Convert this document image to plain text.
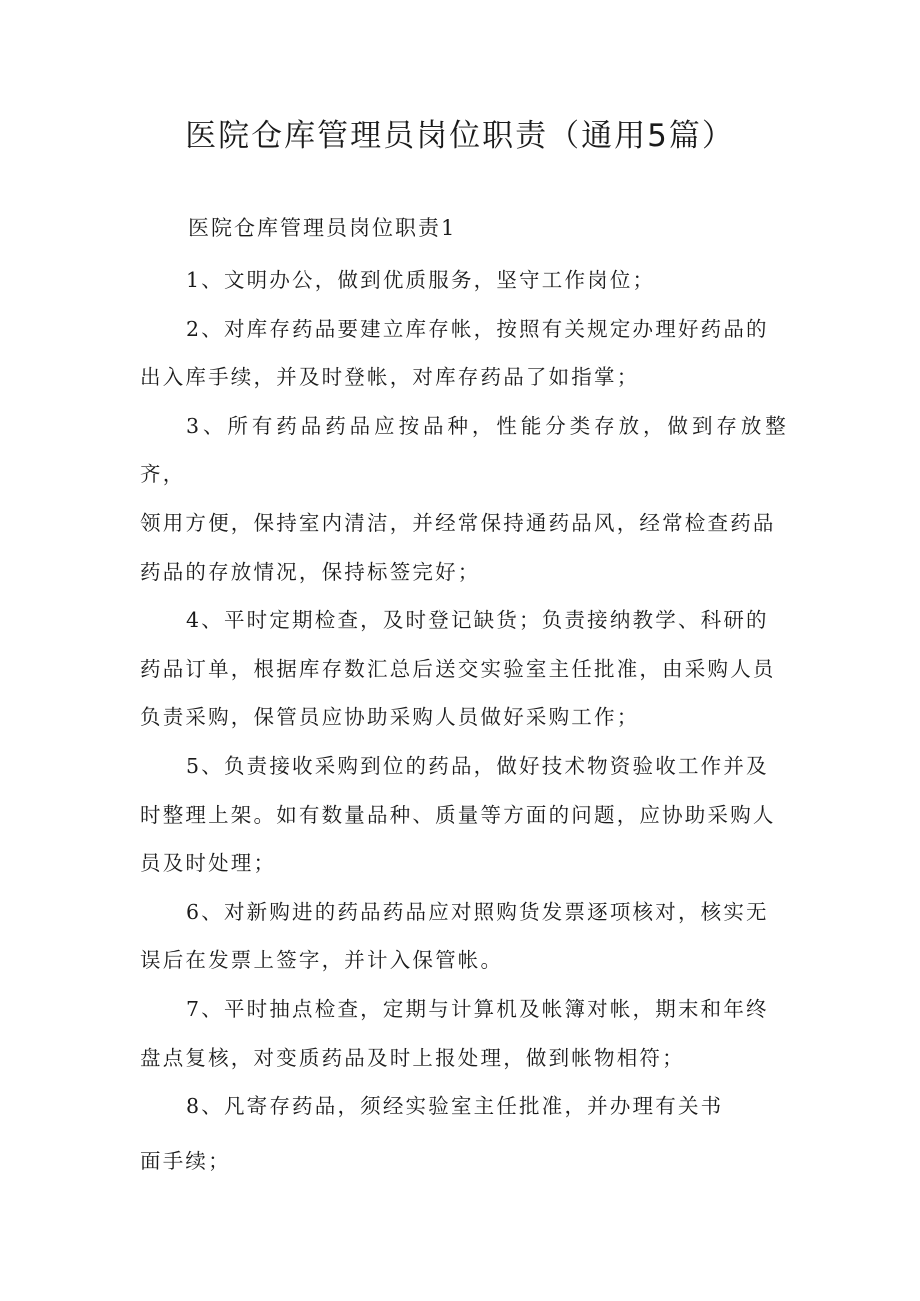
医院仓库管理员岗位职责（通用5篇）
医院仓库管理员岗位职责1

1、文明办公，做到优质服务，坚守工作岗位；

2、对库存药品要建立库存帐，按照有关规定办理好药品的
出入库手续，并及时登帐，对库存药品了如指掌；

3、所有药品药品应按品种，性能分类存放，做到存放整齐，
领用方便，保持室内清洁，并经常保持通药品风，经常检查药品
药品的存放情况，保持标签完好；

4、平时定期检查，及时登记缺货；负责接纳教学、科研的
药品订单，根据库存数汇总后送交实验室主任批准，由采购人员
负责采购，保管员应协助采购人员做好采购工作；

5、负责接收采购到位的药品，做好技术物资验收工作并及
时整理上架。如有数量品种、质量等方面的问题，应协助采购人
员及时处理；

6、对新购进的药品药品应对照购货发票逐项核对，核实无
误后在发票上签字，并计入保管帐。

7、平时抽点检查，定期与计算机及帐簿对帐，期末和年终
盘点复核，对变质药品及时上报处理，做到帐物相符；

8、凡寄存药品，须经实验室主任批准，并办理有关书
面手续；
